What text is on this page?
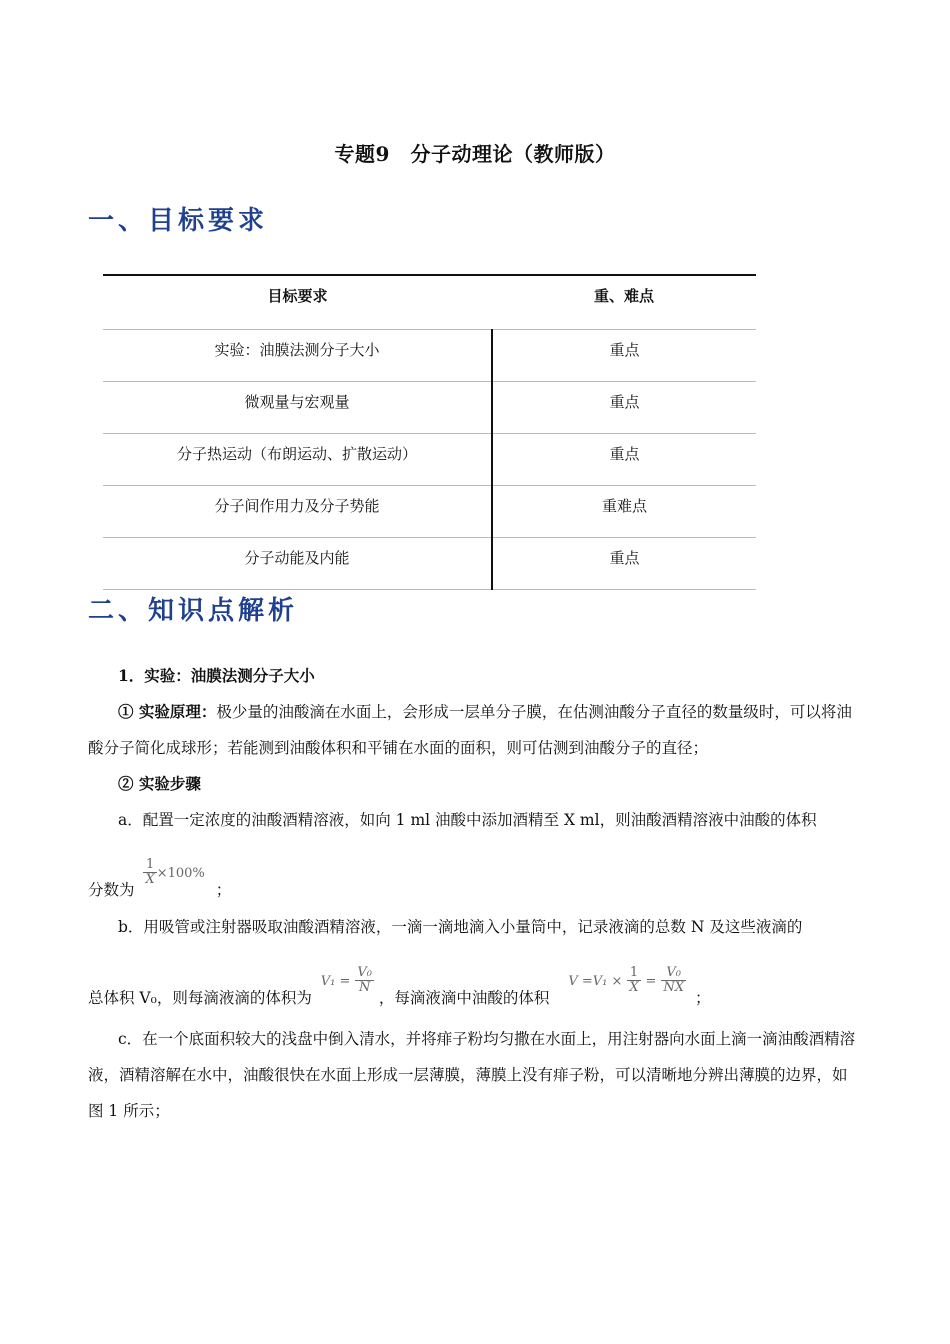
专题9　分子动理论（教师版）
一、目标要求
目标要求	重、难点
实验：油膜法测分子大小	重点
微观量与宏观量	重点
分子热运动（布朗运动、扩散运动）	重点
分子间作用力及分子势能	重难点
分子动能及内能	重点
二、知识点解析
1．实验：油膜法测分子大小
① 实验原理：极少量的油酸滴在水面上，会形成一层单分子膜，在估测油酸分子直径的数量级时，可以将油酸分子简化成球形；若能测到油酸体积和平铺在水面的面积，则可估测到油酸分子的直径；
② 实验步骤
a．配置一定浓度的油酸酒精溶液，如向 1 ml 油酸中添加酒精至 X ml，则油酸酒精溶液中油酸的体积
分数为
$\frac{1}{X} \times 100\%$ ；
b．用吸管或注射器吸取油酸酒精溶液，一滴一滴地滴入小量筒中，记录液滴的总数 N 及这些液滴的
总体积 V₀，则每滴液滴的体积为 $V_1 = \frac{\text{V₀}}{N}$
，每滴液滴中油酸的体积 $V =V_1 \times \frac{1}{X} = \frac{\text{V₀}}{NX}$
；
c．在一个底面积较大的浅盘中倒入清水，并将痱子粉均匀撒在水面上，用注射器向水面上滴一滴油酸酒精溶液，酒精溶解在水中，油酸很快在水面上形成一层薄膜，薄膜上没有痱子粉，可以清晰地分辨出薄膜的边界，如图 1 所示；
